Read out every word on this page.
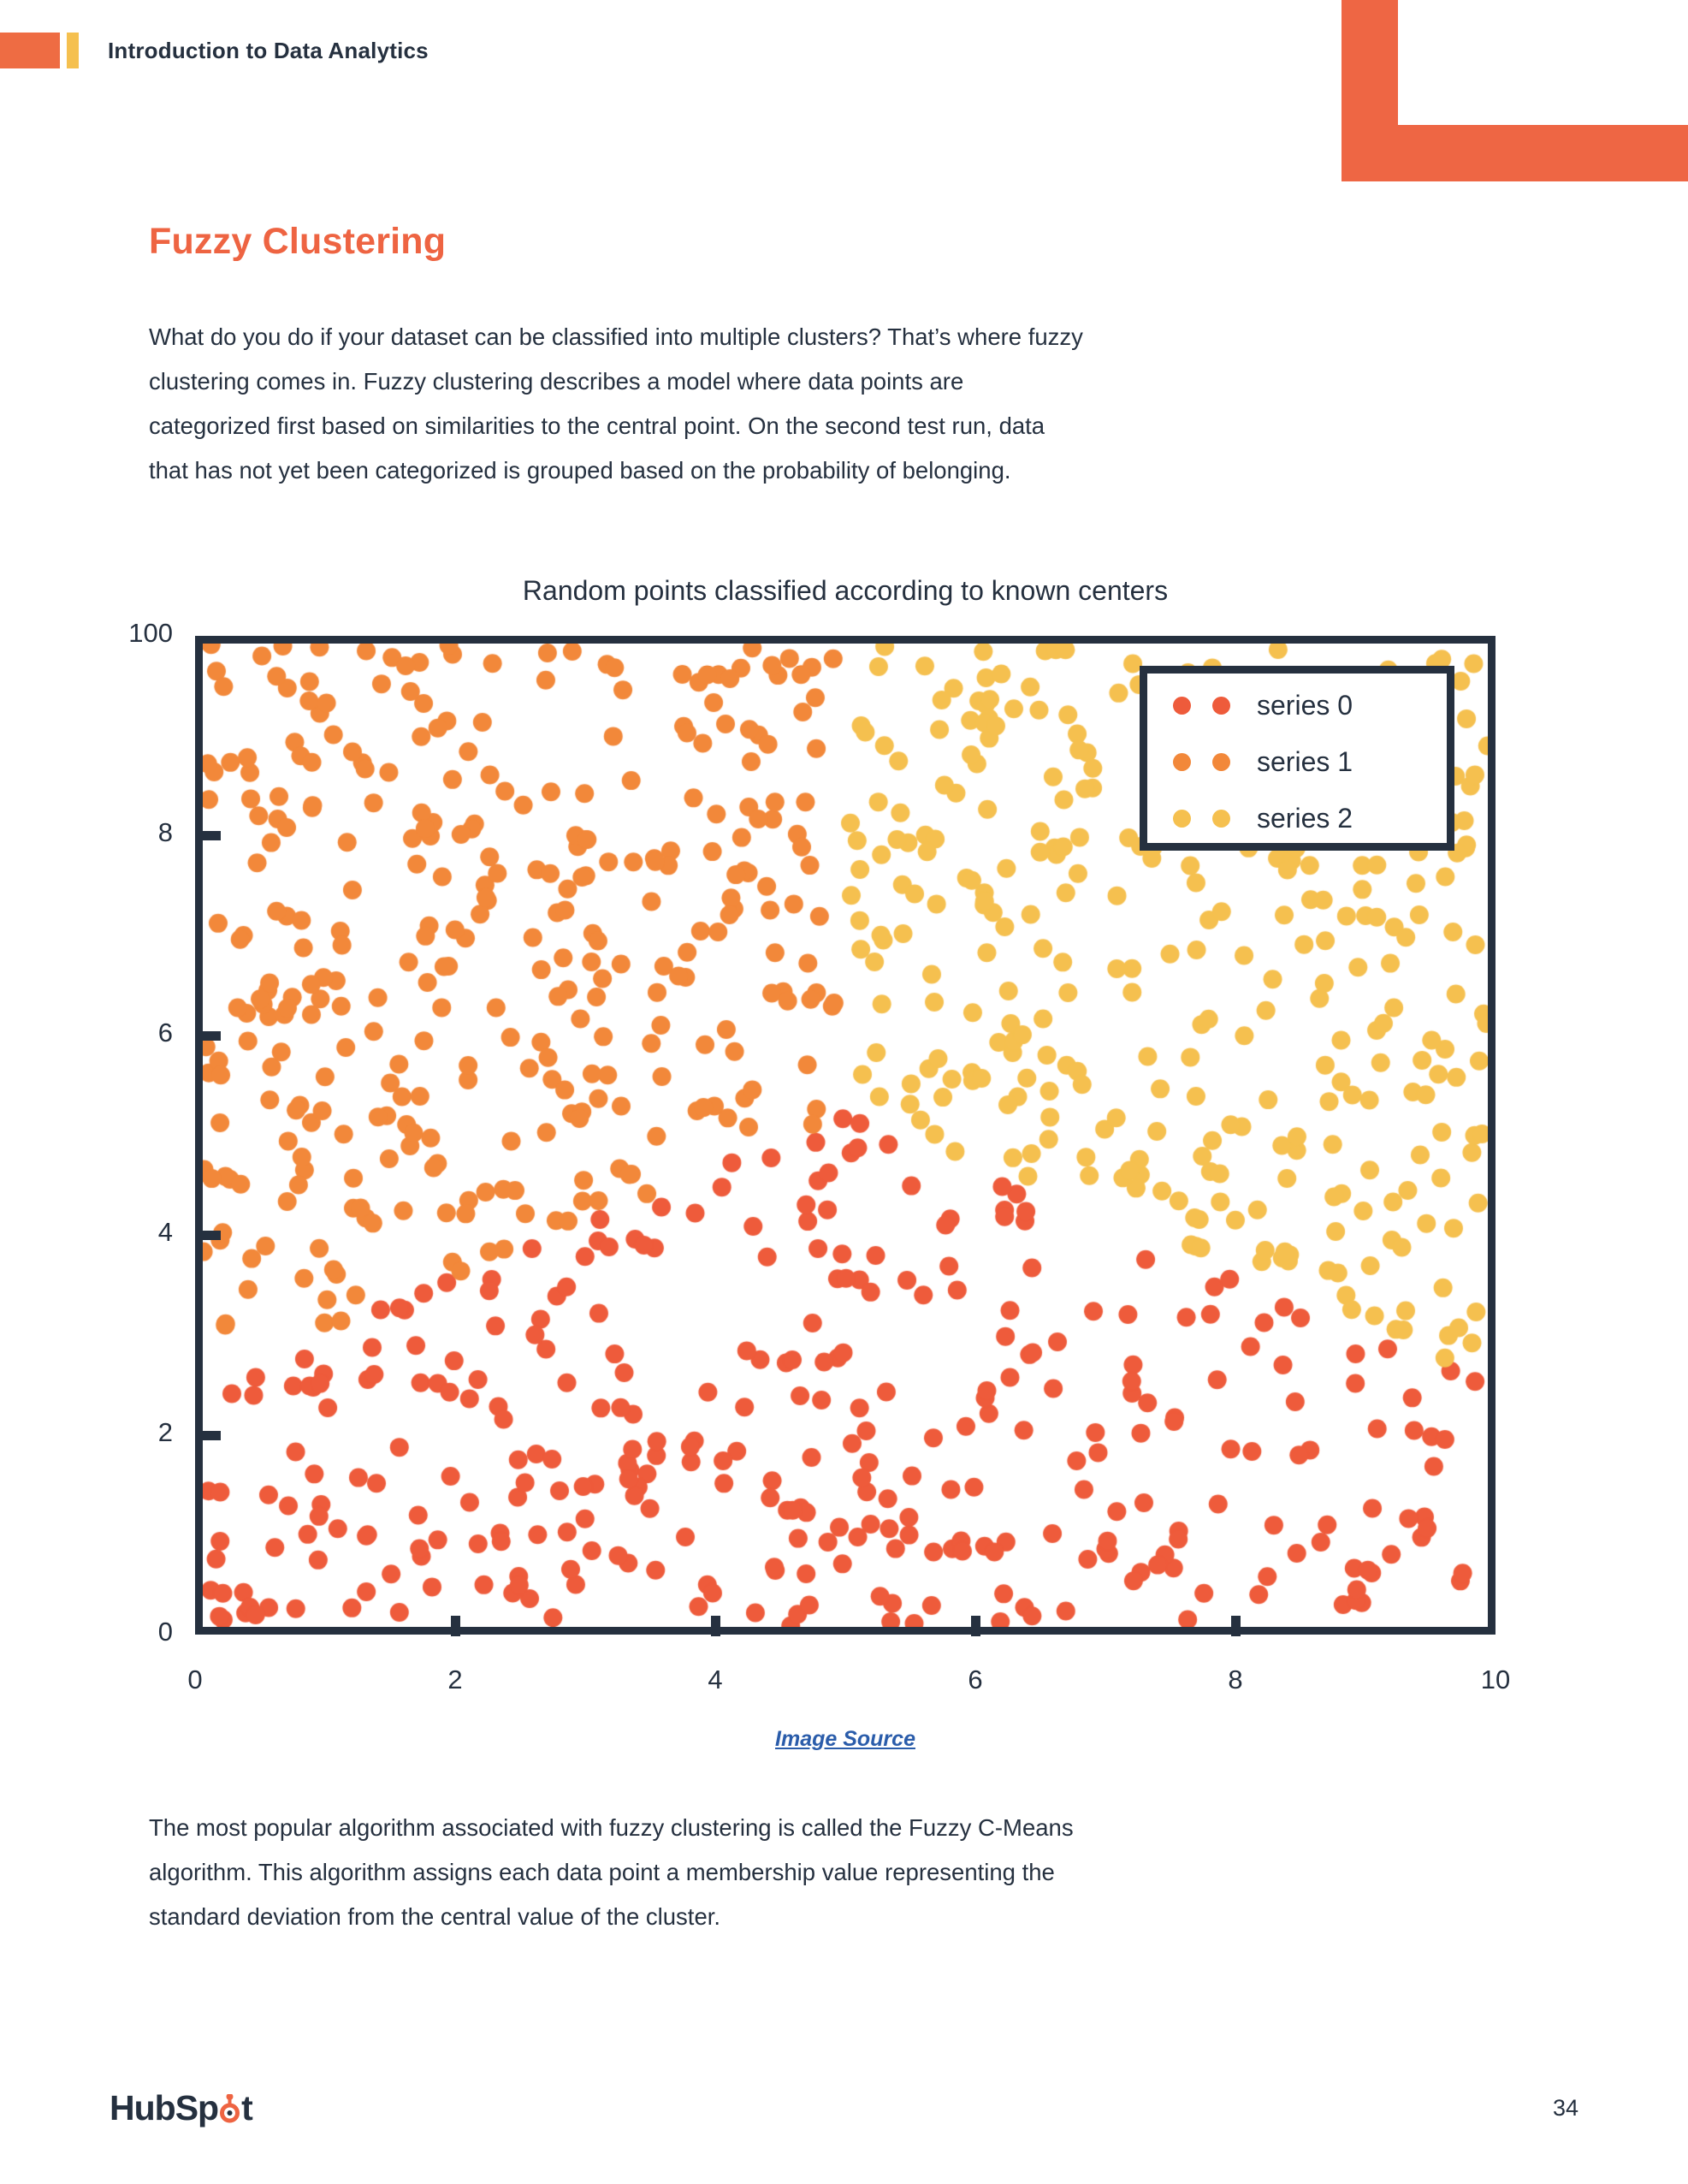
Introduction to Data Analytics
Fuzzy Clustering

What do you do if your dataset can be classified into multiple clusters? That’s where fuzzy clustering comes in. Fuzzy clustering describes a model where data points are categorized first based on similarities to the central point. On the second test run, data that has not yet been categorized is grouped based on the probability of belonging.

Random points classified according to known centers
0
2
4
6
8
100
0	2	4	6	8	10
series 0
series 1
series 2
Image Source

The most popular algorithm associated with fuzzy clustering is called the Fuzzy C-Means algorithm. This algorithm assigns each data point a membership value representing the standard deviation from the central value of the cluster.

HubSp t	34
